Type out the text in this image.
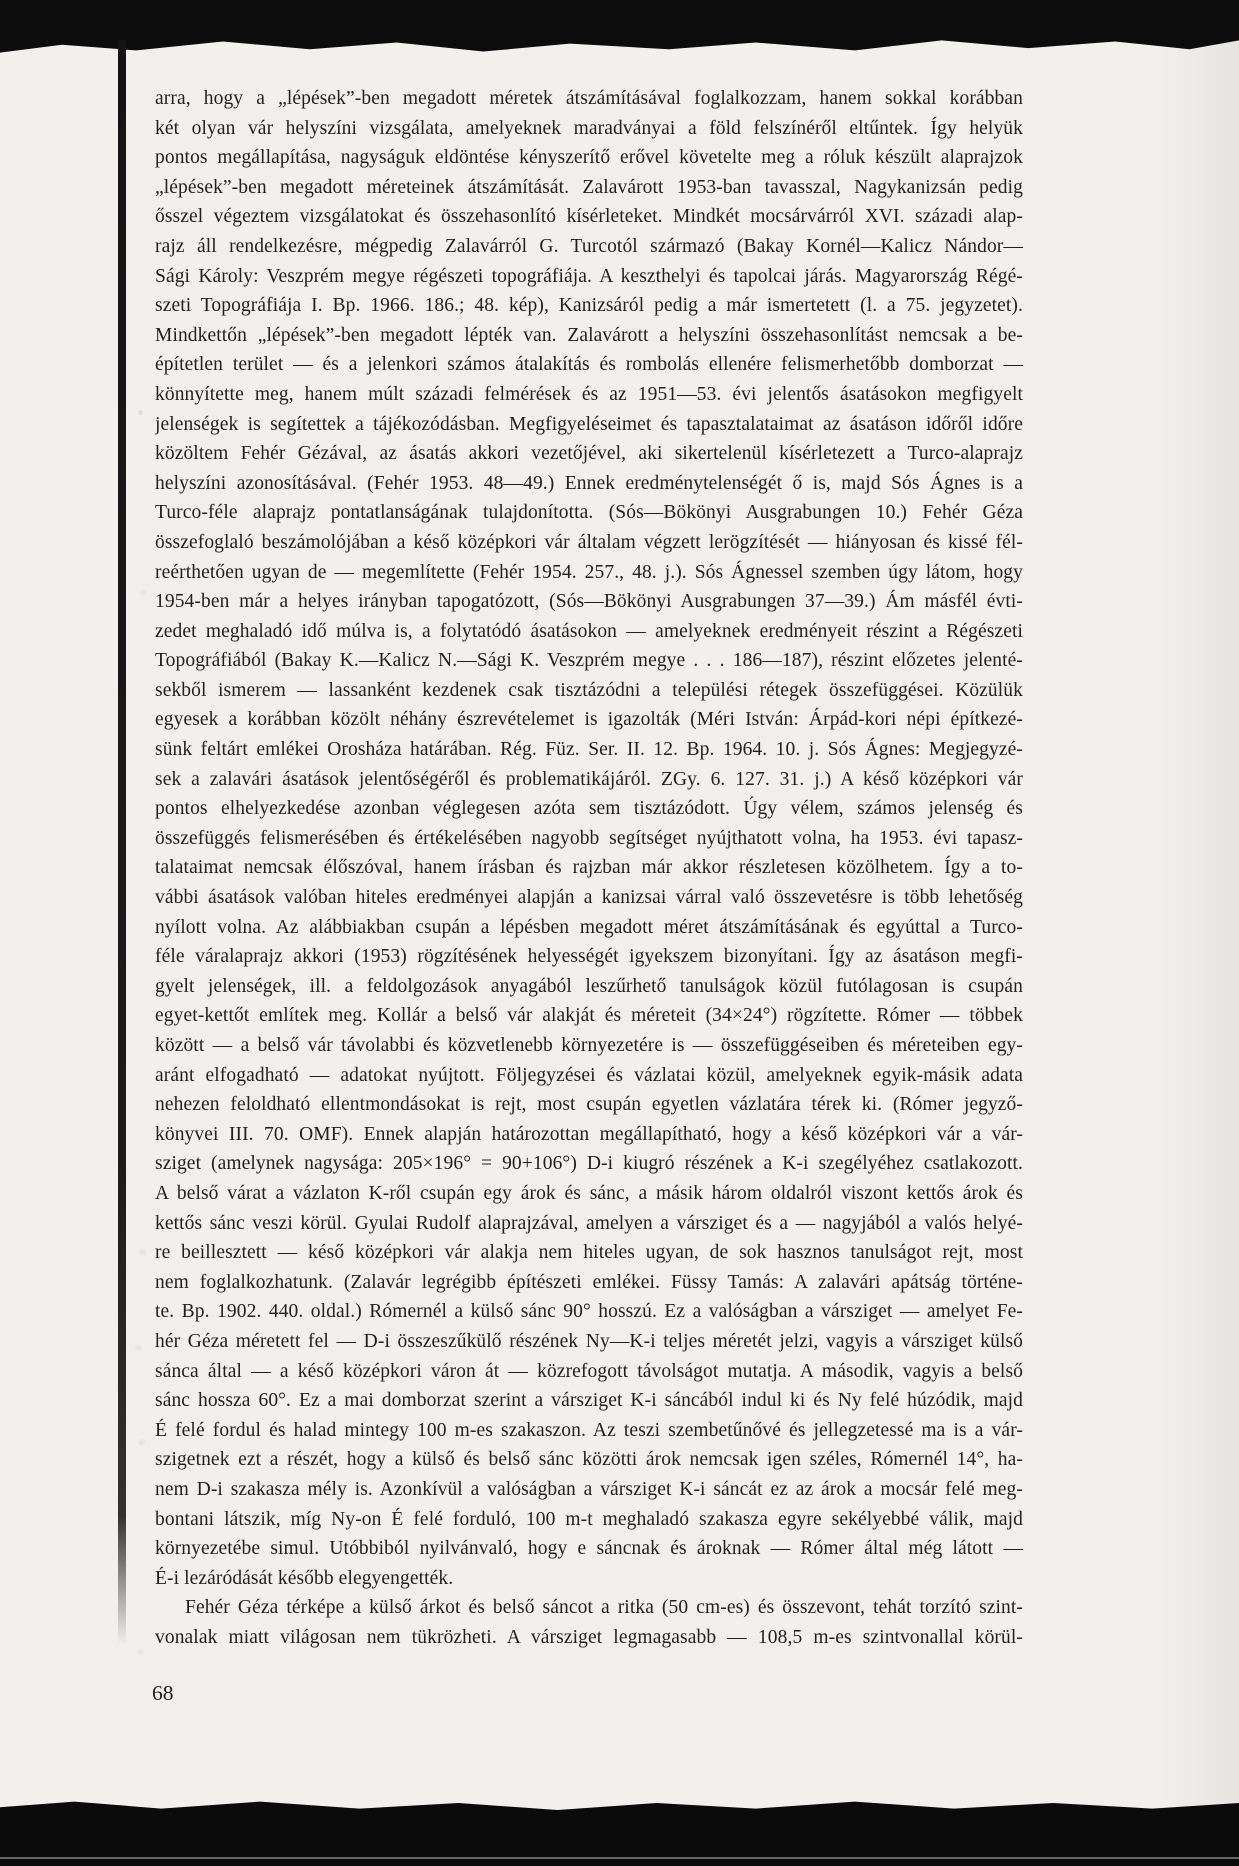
arra, hogy a „lépések”-ben megadott méretek átszámításával foglalkozzam, hanem sokkal korábban
két olyan vár helyszíni vizsgálata, amelyeknek maradványai a föld felszínéről eltűntek. Így helyük
pontos megállapítása, nagyságuk eldöntése kényszerítő erővel követelte meg a róluk készült alaprajzok
„lépések”-ben megadott méreteinek átszámítását. Zalavárott 1953-ban tavasszal, Nagykanizsán pedig
ősszel végeztem vizsgálatokat és összehasonlító kísérleteket. Mindkét mocsárvárról XVI. századi alap-
rajz áll rendelkezésre, mégpedig Zalavárról G. Turcotól származó (Bakay Kornél—Kalicz Nándor—
Sági Károly: Veszprém megye régészeti topográfiája. A keszthelyi és tapolcai járás. Magyarország Régé-
szeti Topográfiája I. Bp. 1966. 186.; 48. kép), Kanizsáról pedig a már ismertetett (l. a 75. jegyzetet).
Mindkettőn „lépések”-ben megadott lépték van. Zalavárott a helyszíni összehasonlítást nemcsak a be-
építetlen terület — és a jelenkori számos átalakítás és rombolás ellenére felismerhetőbb domborzat —
könnyítette meg, hanem múlt századi felmérések és az 1951—53. évi jelentős ásatásokon megfigyelt
jelenségek is segítettek a tájékozódásban. Megfigyeléseimet és tapasztalataimat az ásatáson időről időre
közöltem Fehér Gézával, az ásatás akkori vezetőjével, aki sikertelenül kísérletezett a Turco-alaprajz
helyszíni azonosításával. (Fehér 1953. 48—49.) Ennek eredménytelenségét ő is, majd Sós Ágnes is a
Turco-féle alaprajz pontatlanságának tulajdonította. (Sós—Bökönyi Ausgrabungen 10.) Fehér Géza
összefoglaló beszámolójában a késő középkori vár általam végzett lerögzítését — hiányosan és kissé fél-
reérthetően ugyan de — megemlítette (Fehér 1954. 257., 48. j.). Sós Ágnessel szemben úgy látom, hogy
1954-ben már a helyes irányban tapogatózott, (Sós—Bökönyi Ausgrabungen 37—39.) Ám másfél évti-
zedet meghaladó idő múlva is, a folytatódó ásatásokon — amelyeknek eredményeit részint a Régészeti
Topográfiából (Bakay K.—Kalicz N.—Sági K. Veszprém megye . . . 186—187), részint előzetes jelenté-
sekből ismerem — lassanként kezdenek csak tisztázódni a települési rétegek összefüggései. Közülük
egyesek a korábban közölt néhány észrevételemet is igazolták (Méri István: Árpád-kori népi építkezé-
sünk feltárt emlékei Orosháza határában. Rég. Füz. Ser. II. 12. Bp. 1964. 10. j. Sós Ágnes: Megjegyzé-
sek a zalavári ásatások jelentőségéről és problematikájáról. ZGy. 6. 127. 31. j.) A késő középkori vár
pontos elhelyezkedése azonban véglegesen azóta sem tisztázódott. Úgy vélem, számos jelenség és
összefüggés felismerésében és értékelésében nagyobb segítséget nyújthatott volna, ha 1953. évi tapasz-
talataimat nemcsak élőszóval, hanem írásban és rajzban már akkor részletesen közölhetem. Így a to-
vábbi ásatások valóban hiteles eredményei alapján a kanizsai várral való összevetésre is több lehetőség
nyílott volna. Az alábbiakban csupán a lépésben megadott méret átszámításának és egyúttal a Turco-
féle váralaprajz akkori (1953) rögzítésének helyességét igyekszem bizonyítani. Így az ásatáson megfi-
gyelt jelenségek, ill. a feldolgozások anyagából leszűrhető tanulságok közül futólagosan is csupán
egyet-kettőt említek meg. Kollár a belső vár alakját és méreteit (34×24°) rögzítette. Rómer — többek
között — a belső vár távolabbi és közvetlenebb környezetére is — összefüggéseiben és méreteiben egy-
aránt elfogadható — adatokat nyújtott. Följegyzései és vázlatai közül, amelyeknek egyik-másik adata
nehezen feloldható ellentmondásokat is rejt, most csupán egyetlen vázlatára térek ki. (Rómer jegyző-
könyvei III. 70. OMF). Ennek alapján határozottan megállapítható, hogy a késő középkori vár a vár-
sziget (amelynek nagysága: 205×196° = 90+106°) D-i kiugró részének a K-i szegélyéhez csatlakozott.
A belső várat a vázlaton K-ről csupán egy árok és sánc, a másik három oldalról viszont kettős árok és
kettős sánc veszi körül. Gyulai Rudolf alaprajzával, amelyen a vársziget és a — nagyjából a valós helyé-
re beillesztett — késő középkori vár alakja nem hiteles ugyan, de sok hasznos tanulságot rejt, most
nem foglalkozhatunk. (Zalavár legrégibb építészeti emlékei. Füssy Tamás: A zalavári apátság történe-
te. Bp. 1902. 440. oldal.) Rómernél a külső sánc 90° hosszú. Ez a valóságban a vársziget — amelyet Fe-
hér Géza méretett fel — D-i összeszűkülő részének Ny—K-i teljes méretét jelzi, vagyis a vársziget külső
sánca által — a késő középkori váron át — közrefogott távolságot mutatja. A második, vagyis a belső
sánc hossza 60°. Ez a mai domborzat szerint a vársziget K-i sáncából indul ki és Ny felé húzódik, majd
É felé fordul és halad mintegy 100 m-es szakaszon. Az teszi szembetűnővé és jellegzetessé ma is a vár-
szigetnek ezt a részét, hogy a külső és belső sánc közötti árok nemcsak igen széles, Rómernél 14°, ha-
nem D-i szakasza mély is. Azonkívül a valóságban a vársziget K-i sáncát ez az árok a mocsár felé meg-
bontani látszik, míg Ny-on É felé forduló, 100 m-t meghaladó szakasza egyre sekélyebbé válik, majd
környezetébe simul. Utóbbiból nyilvánvaló, hogy e sáncnak és ároknak — Rómer által még látott —
É-i lezáródását később elegyengették.
Fehér Géza térképe a külső árkot és belső sáncot a ritka (50 cm-es) és összevont, tehát torzító szint-
vonalak miatt világosan nem tükrözheti. A vársziget legmagasabb — 108,5 m-es szintvonallal körül-
68
